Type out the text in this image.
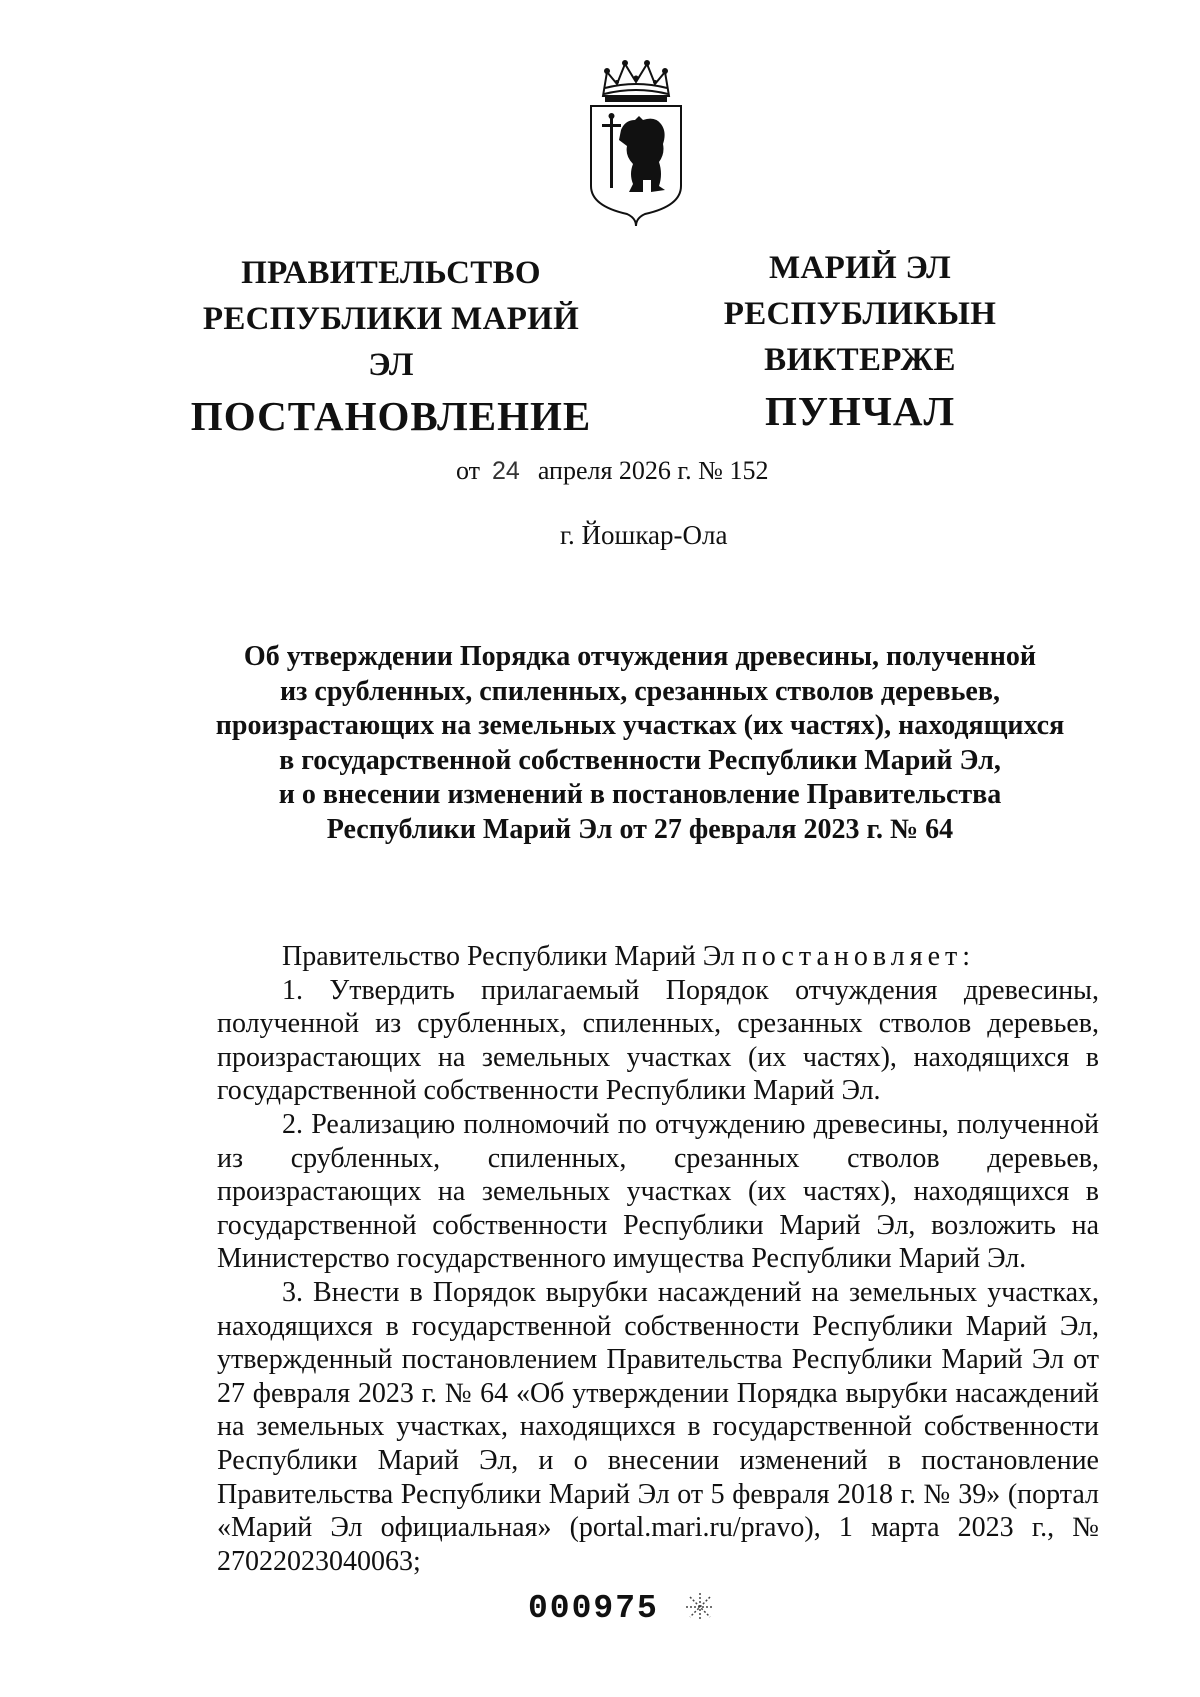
ПРАВИТЕЛЬСТВО
РЕСПУБЛИКИ МАРИЙ ЭЛ
ПОСТАНОВЛЕНИЕ
МАРИЙ ЭЛ РЕСПУБЛИКЫН
ВИКТЕРЖЕ
ПУНЧАЛ
от 24 апреля 2026 г. № 152
г. Йошкар-Ола
Об утверждении Порядка отчуждения древесины, полученной
из срубленных, спиленных, срезанных стволов деревьев,
произрастающих на земельных участках (их частях), находящихся
в государственной собственности Республики Марий Эл,
и о внесении изменений в постановление Правительства
Республики Марий Эл от 27 февраля 2023 г. № 64

Правительство Республики Марий Эл постановляет:

1. Утвердить прилагаемый Порядок отчуждения древесины, полученной из срубленных, спиленных, срезанных стволов деревьев, произрастающих на земельных участках (их частях), находящихся в государственной собственности Республики Марий Эл.

2. Реализацию полномочий по отчуждению древесины, полученной из срубленных, спиленных, срезанных стволов деревьев, произрастающих на земельных участках (их частях), находящихся в государственной собственности Республики Марий Эл, возложить на Министерство государственного имущества Республики Марий Эл.

3. Внести в Порядок вырубки насаждений на земельных участках, находящихся в государственной собственности Республики Марий Эл, утвержденный постановлением Правительства Республики Марий Эл от 27 февраля 2023 г. № 64 «Об утверждении Порядка вырубки насаждений на земельных участках, находящихся в государственной собственности Республики Марий Эл, и о внесении изменений в постановление Правительства Республики Марий Эл от 5 февраля 2018 г. № 39» (портал «Марий Эл официальная» (portal.mari.ru/pravo), 1 марта 2023 г., № 27022023040063;

000975
